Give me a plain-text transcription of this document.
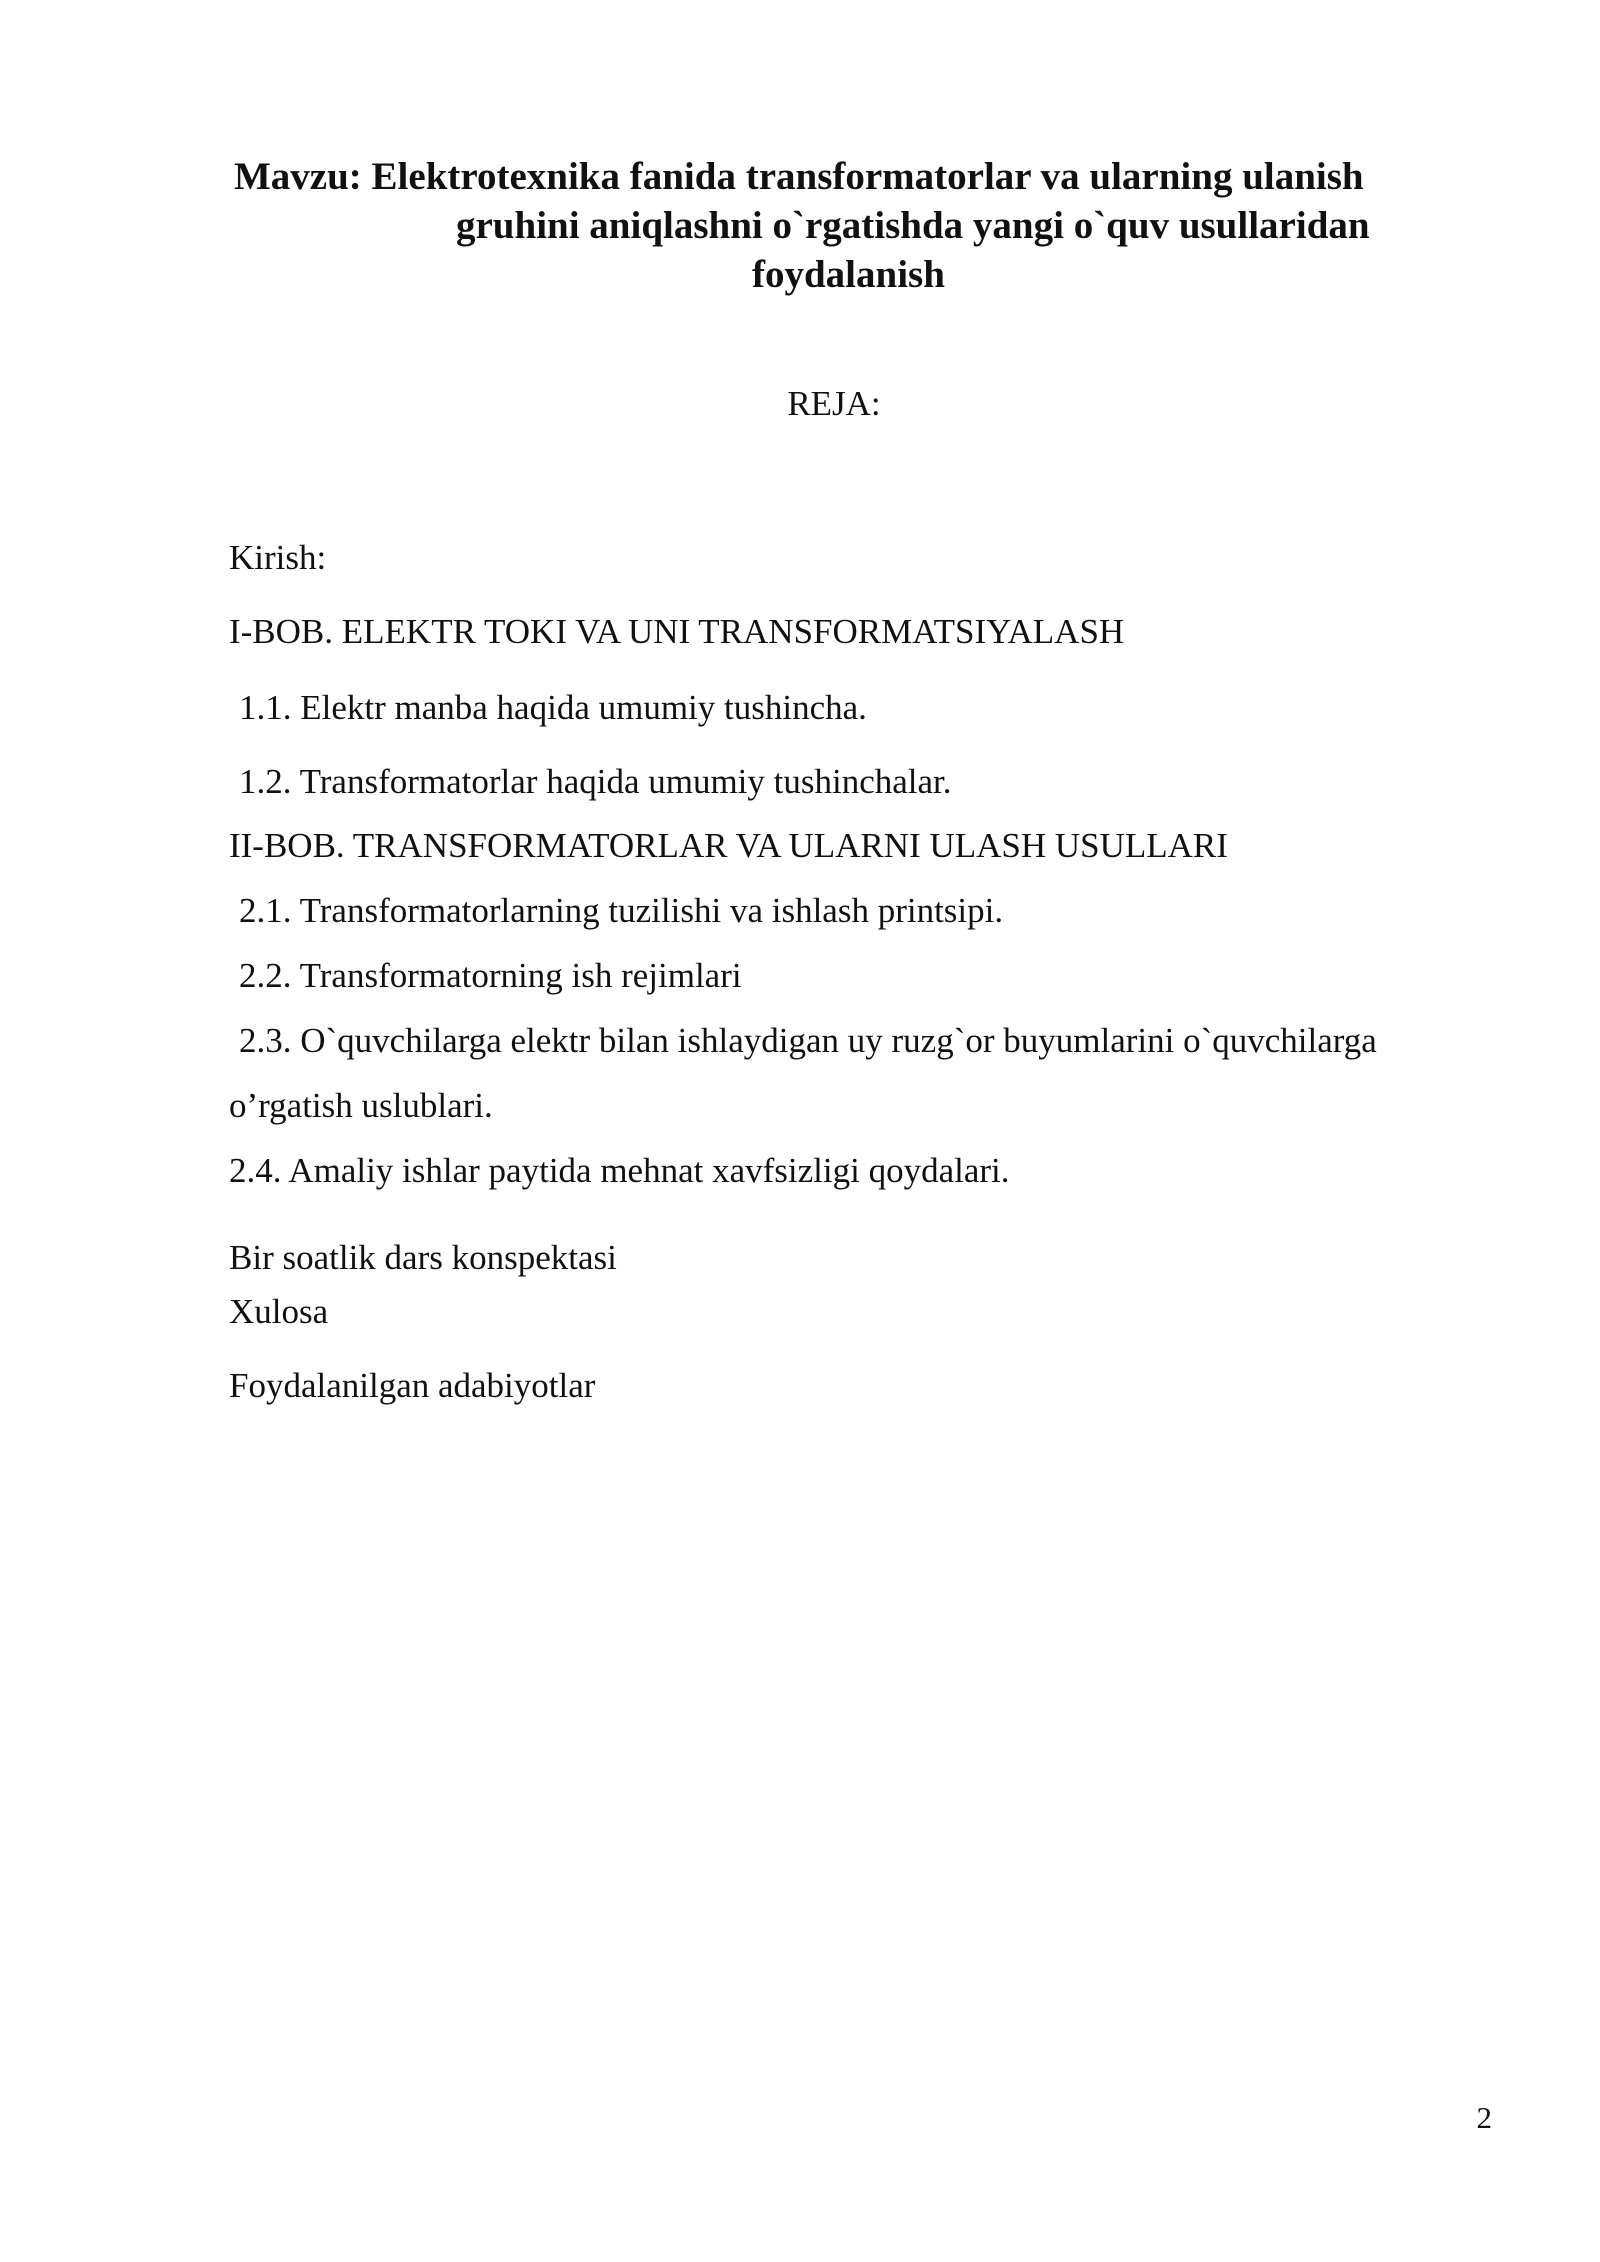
Mavzu: Elektrotexnika fanida transformatorlar va ularning ulanish
gruhini aniqlashni o`rgatishda yangi o`quv usullaridan
foydalanish
REJA:
Kirish:
I-BOB. ELEKTR TOKI VA UNI TRANSFORMATSIYALASH
1.1. Elektr manba haqida umumiy tushincha.
1.2. Transformatorlar haqida umumiy tushinchalar.
II-BOB. TRANSFORMATORLAR VA ULARNI ULASH USULLARI
2.1. Transformatorlarning tuzilishi va ishlash printsipi.
2.2. Transformatorning ish rejimlari
2.3. O`quvchilarga elektr bilan ishlaydigan uy ruzg`or buyumlarini o`quvchilarga
o’rgatish uslublari.
2.4. Amaliy ishlar paytida mehnat xavfsizligi qoydalari.
Bir soatlik dars konspektasi
Xulosa
Foydalanilgan adabiyotlar
2
